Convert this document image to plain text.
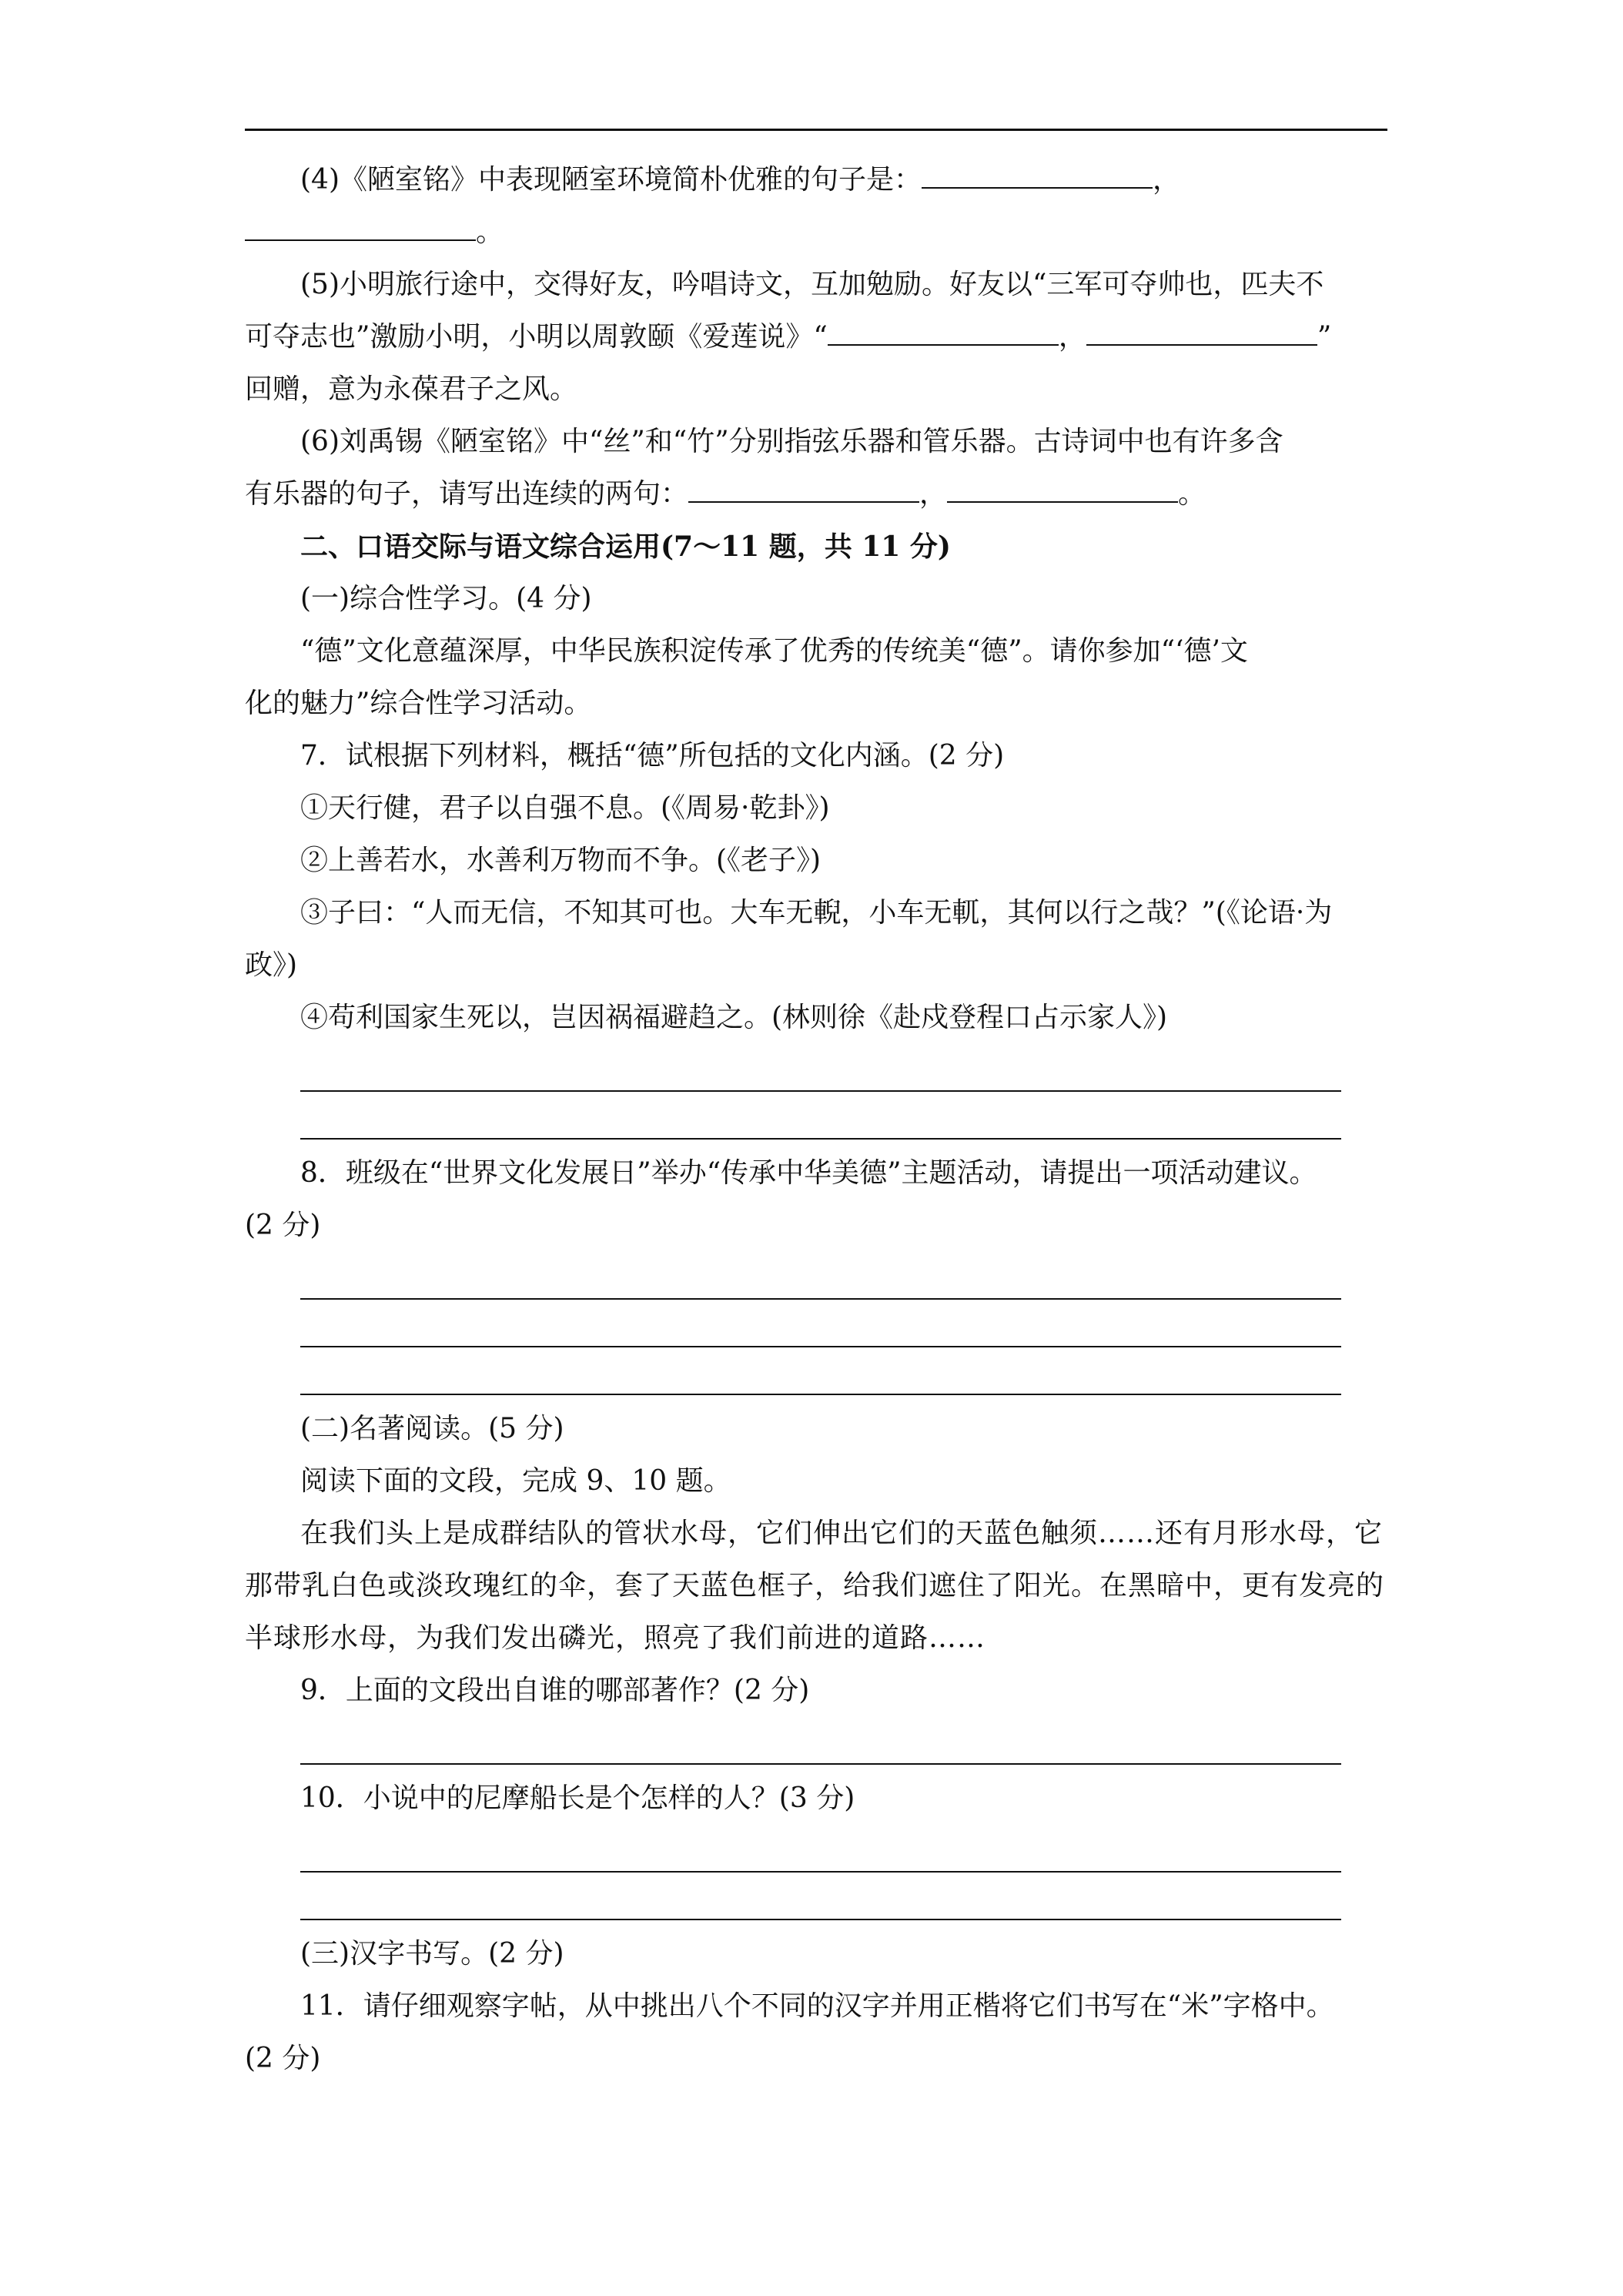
(4)《陋室铭》中表现陋室环境简朴优雅的句子是：	，

。

(5)小明旅行途中，交得好友，吟唱诗文，互加勉励。好友以“三军可夺帅也，匹夫不

可夺志也”激励小明，小明以周敦颐《爱莲说》“	，	”

回赠，意为永葆君子之风。

(6)刘禹锡《陋室铭》中“丝”和“竹”分别指弦乐器和管乐器。古诗词中也有许多含

有乐器的句子，请写出连续的两句：	，	。

二、口语交际与语文综合运用(7～11 题，共 11 分)

(一)综合性学习。(4 分)

“德”文化意蕴深厚，中华民族积淀传承了优秀的传统美“德”。请你参加“‘德’文

化的魅力”综合性学习活动。

7．试根据下列材料，概括“德”所包括的文化内涵。(2 分)

①天行健，君子以自强不息。(《周易·乾卦》)

②上善若水，水善利万物而不争。(《老子》)

③子曰：“人而无信，不知其可也。大车无輗，小车无軏，其何以行之哉？”(《论语·为

政》)

④苟利国家生死以，岂因祸福避趋之。(林则徐《赴戍登程口占示家人》)

8．班级在“世界文化发展日”举办“传承中华美德”主题活动，请提出一项活动建议。

(2 分)

(二)名著阅读。(5 分)

阅读下面的文段，完成 9、10 题。

在我们头上是成群结队的管状水母，它们伸出它们的天蓝色触须……还有月形水母，它

那带乳白色或淡玫瑰红的伞，套了天蓝色框子，给我们遮住了阳光。在黑暗中，更有发亮的

半球形水母，为我们发出磷光，照亮了我们前进的道路……

9．上面的文段出自谁的哪部著作？(2 分)

10．小说中的尼摩船长是个怎样的人？(3 分)

(三)汉字书写。(2 分)

11．请仔细观察字帖，从中挑出八个不同的汉字并用正楷将它们书写在“米”字格中。

(2 分)
